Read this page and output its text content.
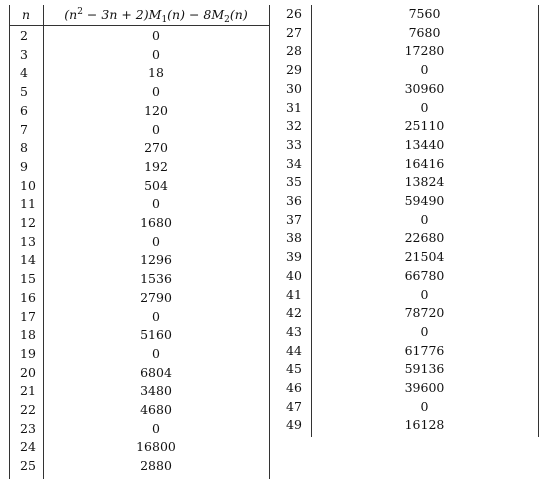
n	$(n^2 - 3n + 2)M_1(n) - 8M_2(n)$
2	0
3	0
4	18
5	0
6	120
7	0
8	270
9	192
10	504
11	0
12	1680
13	0
14	1296
15	1536
16	2790
17	0
18	5160
19	0
20	6804
21	3480
22	4680
23	0
24	16800
25	2880
26	7560
27	7680
28	17280
29	0
30	30960
31	0
32	25110
33	13440
34	16416
35	13824
36	59490
37	0
38	22680
39	21504
40	66780
41	0
42	78720
43	0
44	61776
45	59136
46	39600
47	0
49	16128
